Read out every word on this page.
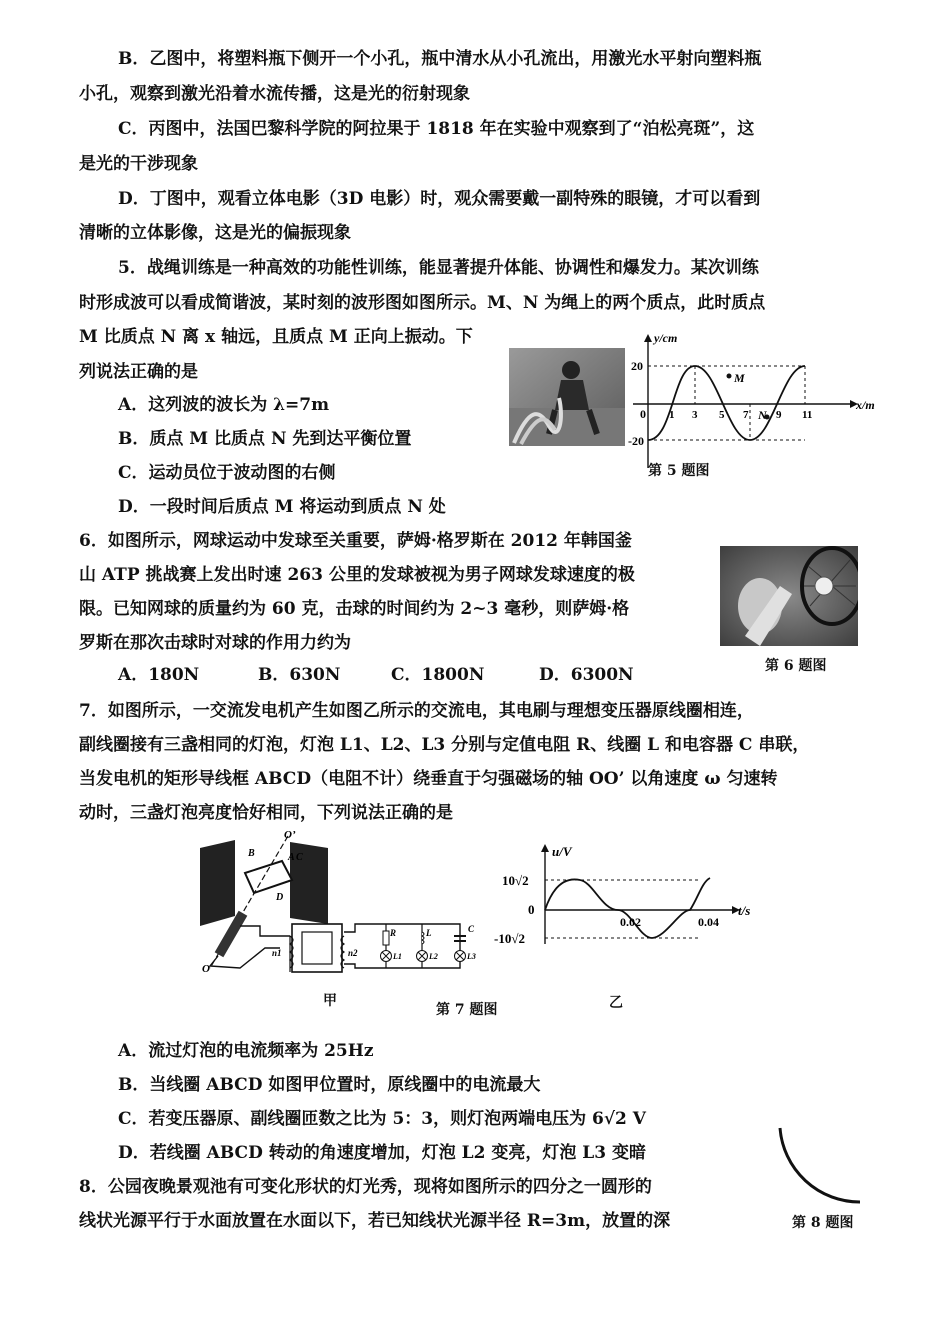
B．乙图中，将塑料瓶下侧开一个小孔，瓶中清水从小孔流出，用激光水平射向塑料瓶
小孔，观察到激光沿着水流传播，这是光的衍射现象
C．丙图中，法国巴黎科学院的阿拉果于 1818 年在实验中观察到了“泊松亮斑”，这
是光的干涉现象
D．丁图中，观看立体电影（3D 电影）时，观众需要戴一副特殊的眼镜，才可以看到
清晰的立体影像，这是光的偏振现象
5．战绳训练是一种高效的功能性训练，能显著提升体能、协调性和爆发力。某次训练
时形成波可以看成简谐波，某时刻的波形图如图所示。M、N 为绳上的两个质点，此时质点
M 比质点 N 离 x 轴远，且质点 M 正向上振动。下
列说法正确的是
A．这列波的波长为 λ=7m
B．质点 M 比质点 N 先到达平衡位置
C．运动员位于波动图的右侧
D．一段时间后质点 M 将运动到质点 N 处
y/cm
x/m
0
20
-20
1 3 5 7	9 11
M
N
第 5 题图
6．如图所示，网球运动中发球至关重要，萨姆·格罗斯在 2012 年韩国釜
山 ATP 挑战赛上发出时速 263 公里的发球被视为男子网球发球速度的极
限。已知网球的质量约为 60 克，击球的时间约为 2~3 毫秒，则萨姆·格
罗斯在那次击球时对球的作用力约为
A．180N	B．630N	C．1800N	D．6300N	第 6 题图
7．如图所示，一交流发电机产生如图乙所示的交流电，其电刷与理想变压器原线圈相连，
副线圈接有三盏相同的灯泡，灯泡 L1、L2、L3 分别与定值电阻 R、线圈 L 和电容器 C 串联，
当发电机的矩形导线框 ABCD（电阻不计）绕垂直于匀强磁场的轴 OO’ 以角速度 ω 匀速转
动时，三盏灯泡亮度恰好相同，下列说法正确的是
O’
A
B	C
D
O
n1	n2
R	L	C
L1	L2	L3
甲
u/V
t/s
0
10√2
-10√2
0.02	0.04
第 7 题图	乙
A．流过灯泡的电流频率为 25Hz
B．当线圈 ABCD 如图甲位置时，原线圈中的电流最大
C．若变压器原、副线圈匝数之比为 5：3，则灯泡两端电压为 6√2 V
D．若线圈 ABCD 转动的角速度增加，灯泡 L2 变亮，灯泡 L3 变暗
8．公园夜晚景观池有可变化形状的灯光秀，现将如图所示的四分之一圆形的
线状光源平行于水面放置在水面以下，若已知线状光源半径 R=3m，放置的深	第 8 题图
